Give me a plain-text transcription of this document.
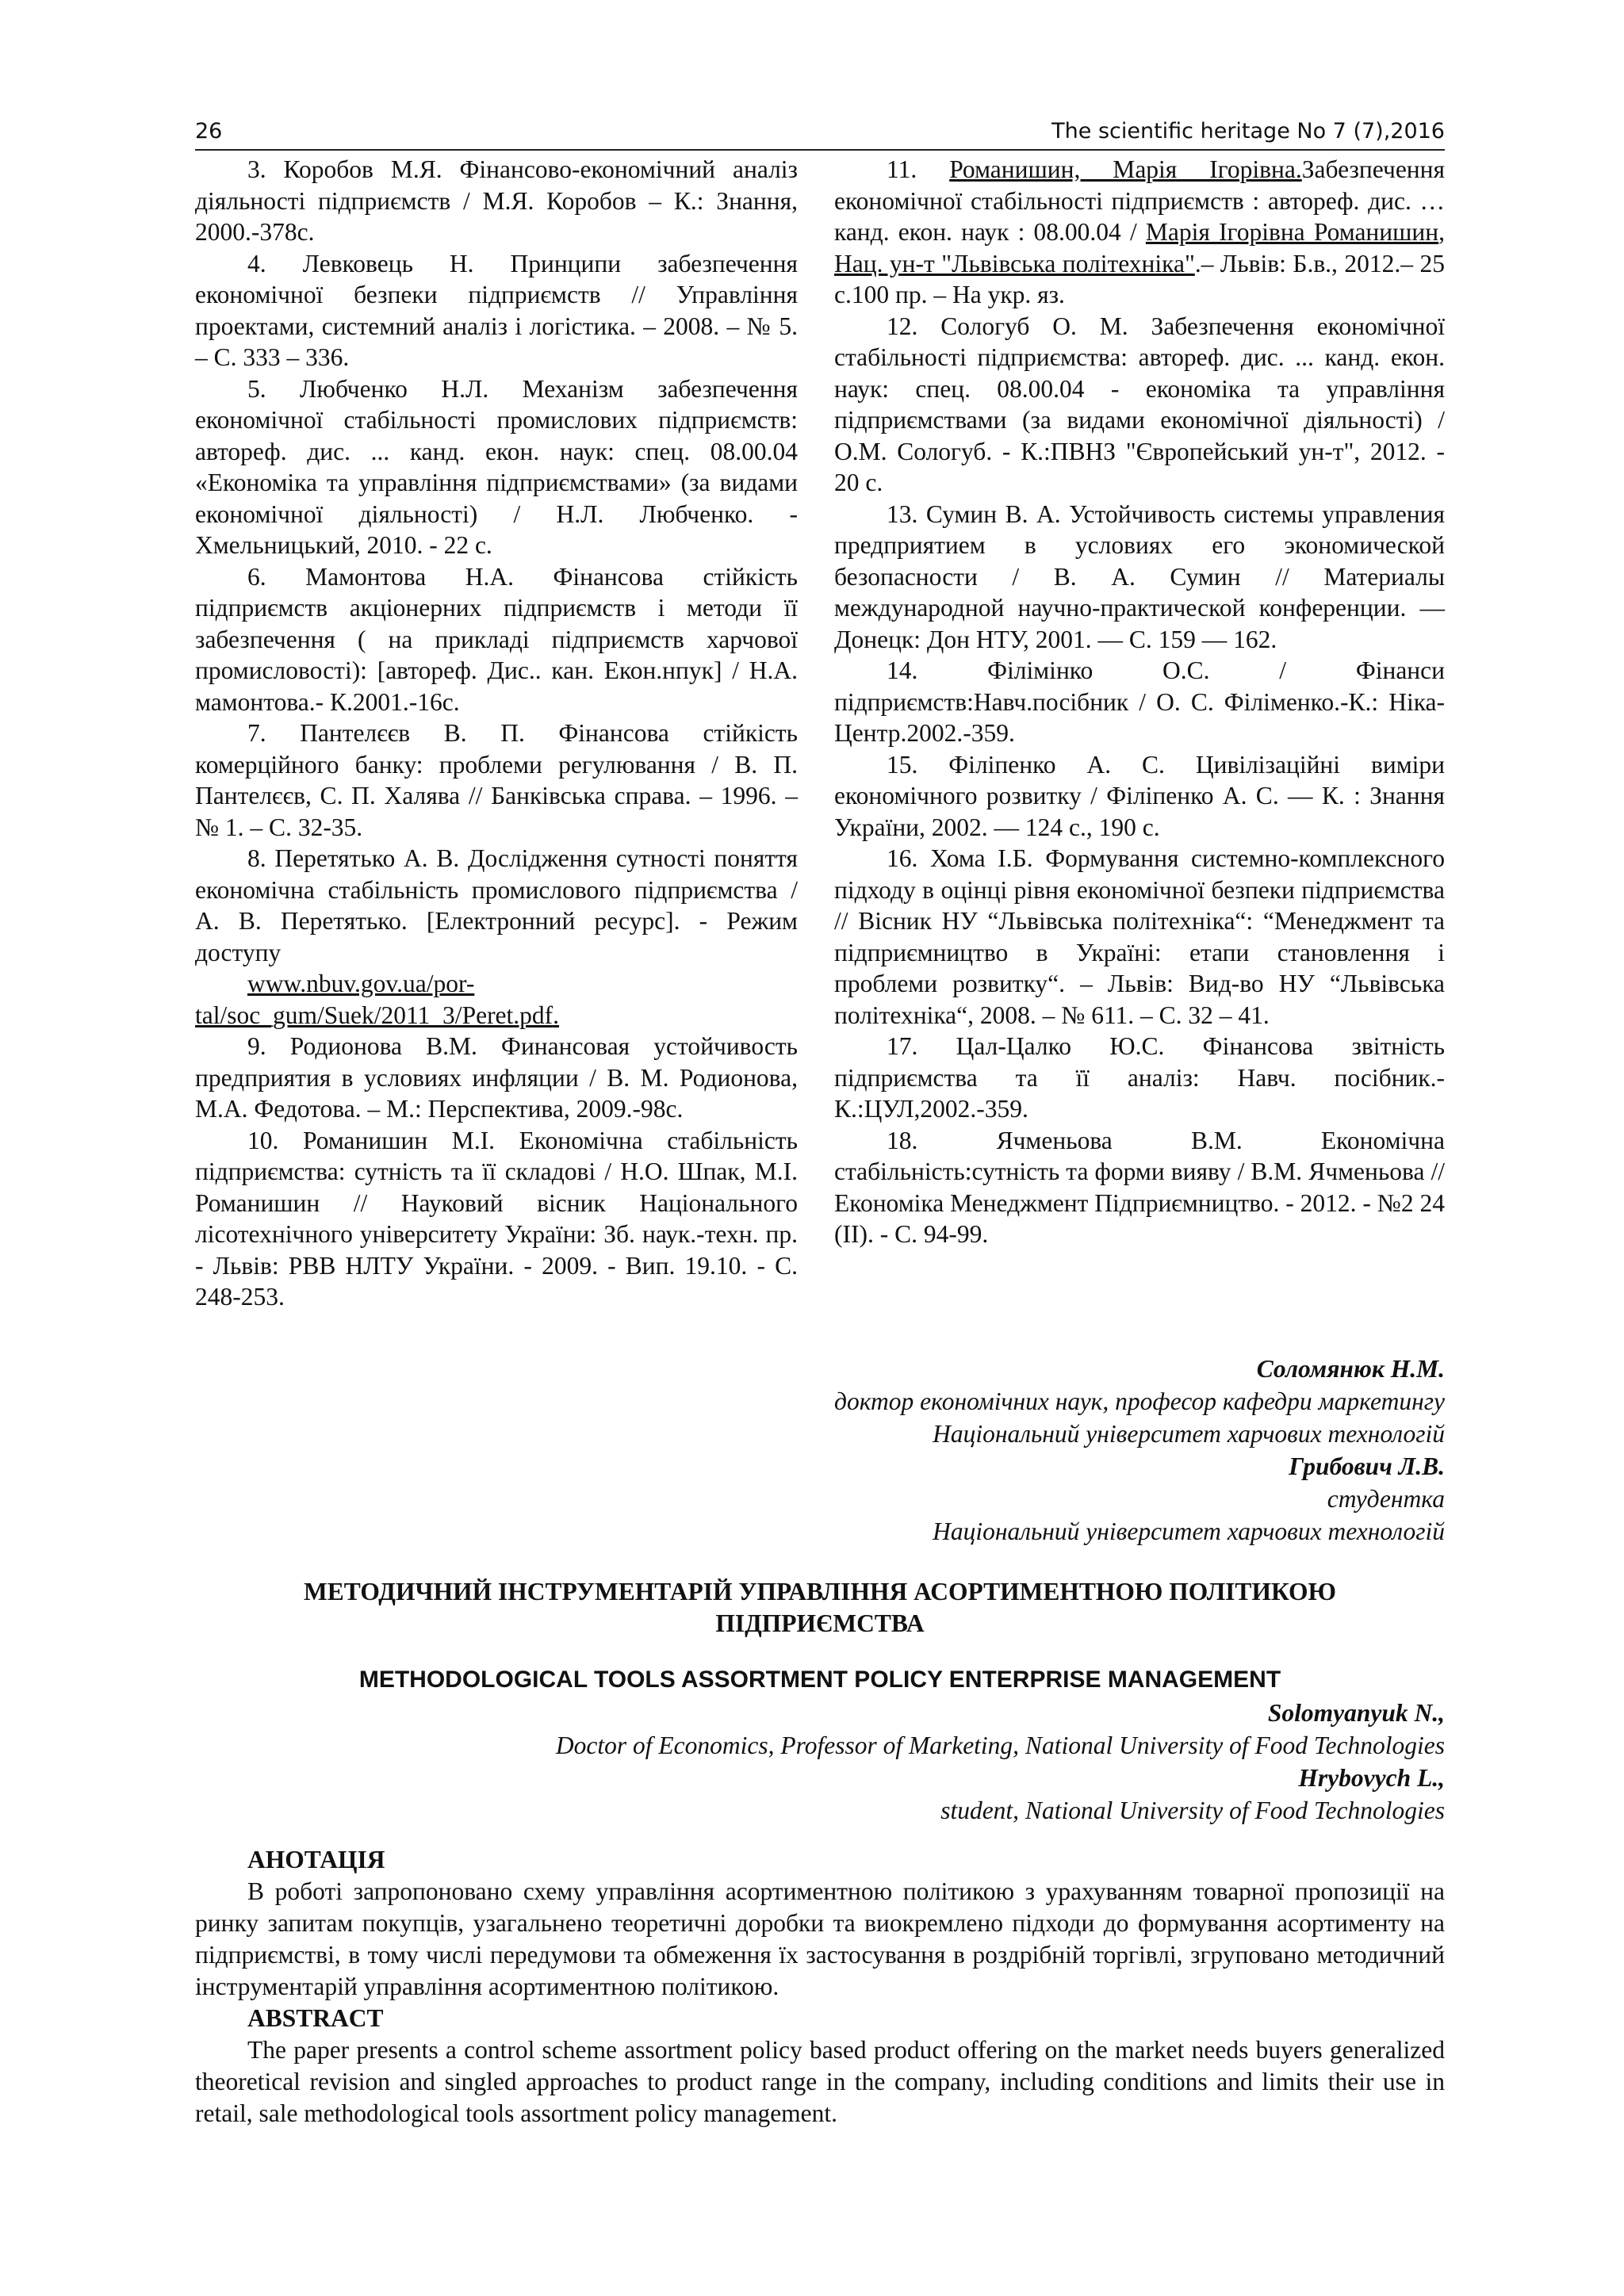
26	The scientific heritage No 7 (7),2016

3. Коробов М.Я. Фінансово-економічний аналіз діяльності підприємств / М.Я. Коробов – К.: Знання, 2000.-378с.

4. Левковець Н. Принципи забезпечення економічної безпеки підприємств // Управління проектами, системний аналіз і логістика. – 2008. – № 5. – С. 333 – 336.

5. Любченко Н.Л. Механізм забезпечення економічної стабільності промислових підприємств: автореф. дис. ... канд. екон. наук: спец. 08.00.04 «Економіка та управління підприємствами» (за видами економічної діяльності) / Н.Л. Любченко. - Хмельницький, 2010. - 22 с.

6. Мамонтова Н.А. Фінансова стійкість підприємств акціонерних підприємств і методи її забезпечення ( на прикладі підприємств харчової промисловості): [автореф. Дис.. кан. Екон.нпук] / Н.А. мамонтова.- К.2001.-16с.

7. Пантелєєв В. П. Фінансова стійкість комерційного банку: проблеми регулювання / В. П. Пантелєєв, С. П. Халява // Банківська справа. – 1996. – № 1. – С. 32-35.

8. Перетятько А. В. Дослідження сутності поняття економічна стабільність промислового підприємства / А. В. Перетятько. [Електронний ресурс]. - Режим доступу

www.nbuv.gov.ua/por-
tal/soc_gum/Suek/2011_3/Peret.pdf.

9. Родионова В.М. Финансовая устойчивость предприятия в условиях инфляции / В. М. Родионова, М.А. Федотова. – М.: Перспектива, 2009.-98с.

10. Романишин М.І. Економічна стабільність підприємства: сутність та її складові / Н.О. Шпак, М.І. Романишин // Науковий вісник Національного лісотехнічного університету України: Зб. наук.-техн. пр. - Львів: РВВ НЛТУ України. - 2009. - Вип. 19.10. - С. 248-253.

11. Романишин, Марія Ігорівна.Забезпечення економічної стабільності підприємств : автореф. дис. … канд. екон. наук : 08.00.04 / Марія Ігорівна Романишин, Нац. ун-т "Львівська політехніка".– Львів: Б.в., 2012.– 25 с.100 пр. – На укр. яз.

12. Сологуб О. М. Забезпечення економічної стабільності підприємства: автореф. дис. ... канд. екон. наук: спец. 08.00.04 - економіка та управління підприємствами (за видами економічної діяльності) / О.М. Сологуб. - К.:ПВНЗ "Європейський ун-т", 2012. - 20 с.

13. Сумин В. А. Устойчивость системы управления предприятием в условиях его экономической безопасности / В. А. Сумин // Материалы международной научно-практической конференции. — Донецк: Дон НТУ, 2001. — С. 159 — 162.

14. Філімінко О.С. / Фінанси підприємств:Навч.посібник / О. С. Філіменко.-К.: Ніка-Центр.2002.-359.

15. Філіпенко А. С. Цивілізаційні виміри економічного розвитку / Філіпенко А. С. — К. : Знання України, 2002. — 124 с., 190 с.

16. Хома І.Б. Формування системно-комплексного підходу в оцінці рівня економічної безпеки підприємства // Вісник НУ “Львівська політехніка“: “Менеджмент та підприємництво в Україні: етапи становлення і проблеми розвитку“. – Львів: Вид-во НУ “Львівська політехніка“, 2008. – № 611. – С. 32 – 41.

17. Цал-Цалко Ю.С. Фінансова звітність підприємства та її аналіз: Навч. посібник.-К.:ЦУЛ,2002.-359.

18. Ячменьова В.М. Економічна стабільність:сутність та форми вияву / В.М. Ячменьова // Економіка Менеджмент Підприємництво. - 2012. - №2 24 (II). - С. 94-99.

Соломянюк Н.М.
доктор економічних наук, професор кафедри маркетингу
Національний університет харчових технологій
Грибович Л.В.
студентка
Національний університет харчових технологій
МЕТОДИЧНИЙ ІНСТРУМЕНТАРІЙ УПРАВЛІННЯ АСОРТИМЕНТНОЮ ПОЛІТИКОЮ
ПІДПРИЄМСТВА
METHODOLOGICAL TOOLS ASSORTMENT POLICY ENTERPRISE MANAGEMENT
Solomyanyuk N.,
Doctor of Economics, Professor of Marketing, National University of Food Technologies
Hrybovych L.,
student, National University of Food Technologies

АНОТАЦІЯ

В роботі запропоновано схему управління асортиментною політикою з урахуванням товарної пропозиції на ринку запитам покупців, узагальнено теоретичні доробки та виокремлено підходи до формування асортименту на підприємстві, в тому числі передумови та обмеження їх застосування в роздрібній торгівлі, згруповано методичний інструментарій управління асортиментною політикою.

ABSTRACT

The paper presents a control scheme assortment policy based product offering on the market needs buyers generalized theoretical revision and singled approaches to product range in the company, including conditions and limits their use in retail, sale methodological tools assortment policy management.
